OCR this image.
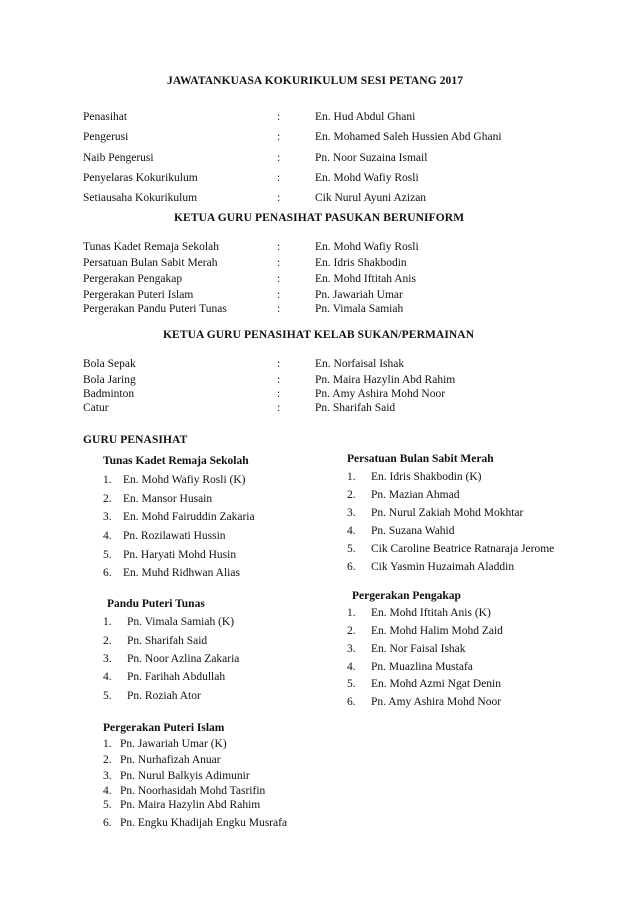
JAWATANKUASA KOKURIKULUM SESI PETANG 2017
Penasihat	:	En. Hud Abdul Ghani
Pengerusi	:	En. Mohamed Saleh Hussien Abd Ghani
Naib Pengerusi	:	Pn. Noor Suzaina Ismail
Penyelaras Kokurikulum	:	En. Mohd Wafiy Rosli
Setiausaha Kokurikulum	:	Cik Nurul Ayuni Azizan
KETUA GURU PENASIHAT PASUKAN BERUNIFORM
Tunas Kadet Remaja Sekolah	:	En. Mohd Wafiy Rosli
Persatuan Bulan Sabit Merah	:	En. Idris Shakbodin
Pergerakan Pengakap	:	En. Mohd Iftitah Anis
Pergerakan Puteri Islam	:	Pn. Jawariah Umar
Pergerakan Pandu Puteri Tunas	:	Pn. Vimala Samiah
KETUA GURU PENASIHAT KELAB SUKAN/PERMAINAN
Bola Sepak	:	En. Norfaisal Ishak
Bola Jaring	:	Pn. Maira Hazylin Abd Rahim
Badminton	:	Pn. Amy Ashira Mohd Noor
Catur	:	Pn. Sharifah Said
GURU PENASIHAT
Tunas Kadet Remaja Sekolah
1. En. Mohd Wafiy Rosli (K)
2. En. Mansor Husain
3. En. Mohd Fairuddin Zakaria
4. Pn. Rozilawati Hussin
5. Pn. Haryati Mohd Husin
6. En. Muhd Ridhwan Alias
Pandu Puteri Tunas
1. Pn. Vimala Samiah (K)
2. Pn. Sharifah Said
3. Pn. Noor Azlina Zakaria
4. Pn. Farihah Abdullah
5. Pn. Roziah Ator
Pergerakan Puteri Islam
1. Pn. Jawariah Umar (K)
2. Pn. Nurhafizah Anuar
3. Pn. Nurul Balkyis Adimunir
4. Pn. Noorhasidah Mohd Tasrifin
5. Pn. Maira Hazylin Abd Rahim
6. Pn. Engku Khadijah Engku Musrafa
Persatuan Bulan Sabit Merah
1. En. Idris Shakbodin (K)
2. Pn. Mazian Ahmad
3. Pn. Nurul Zakiah Mohd Mokhtar
4. Pn. Suzana Wahid
5. Cik Caroline Beatrice Ratnaraja Jerome
6. Cik Yasmin Huzaimah Aladdin
Pergerakan Pengakap
1. En. Mohd Iftitah Anis (K)
2. En. Mohd Halim Mohd Zaid
3. En. Nor Faisal Ishak
4. Pn. Muazlina Mustafa
5. En. Mohd Azmi Ngat Denin
6. Pn. Amy Ashira Mohd Noor
